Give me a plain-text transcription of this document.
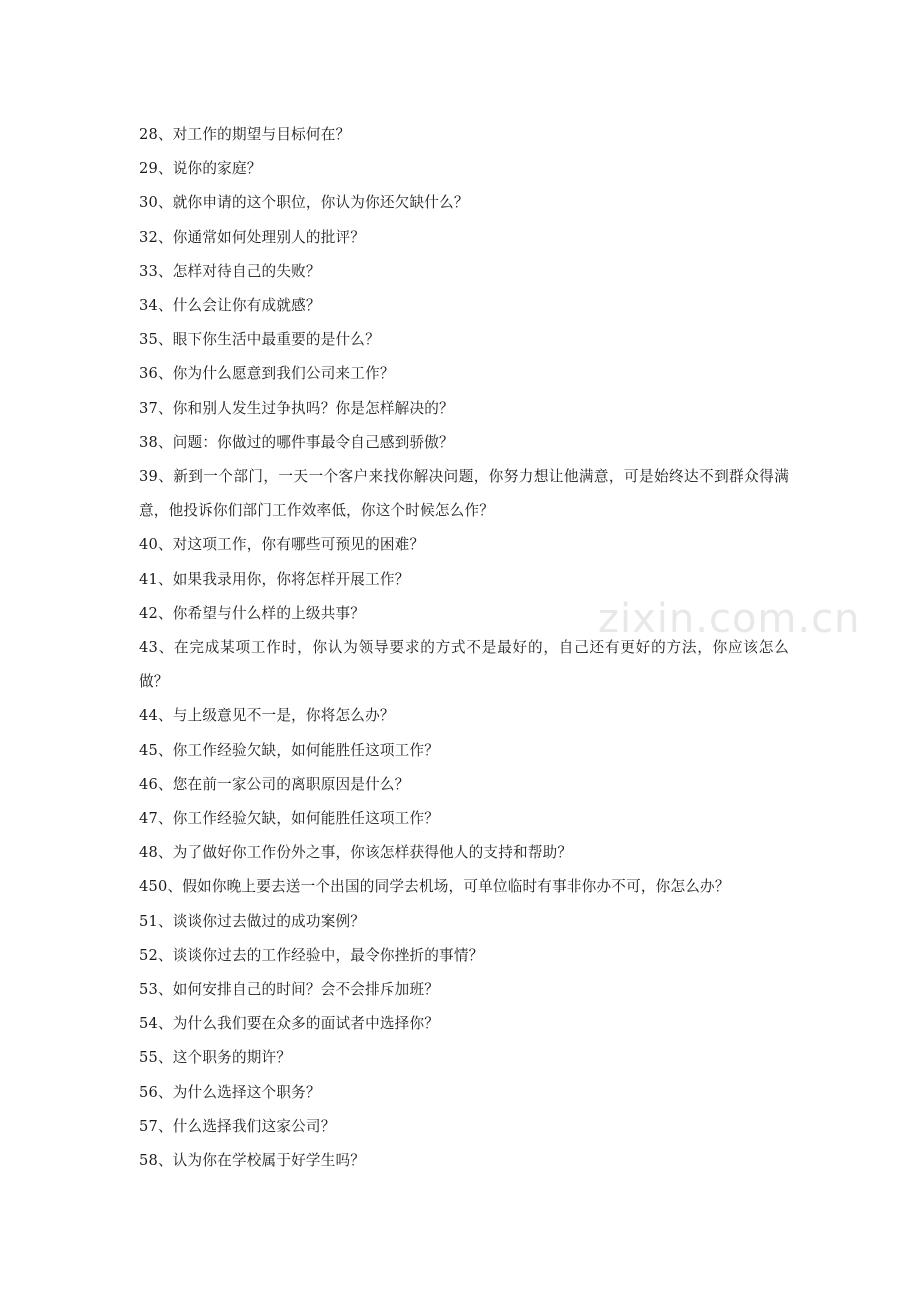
zixin.com.cn
28、对工作的期望与目标何在？
29、说你的家庭？
30、就你申请的这个职位，你认为你还欠缺什么？
32、你通常如何处理别人的批评？
33、怎样对待自己的失败？
34、什么会让你有成就感？
35、眼下你生活中最重要的是什么？
36、你为什么愿意到我们公司来工作？
37、你和别人发生过争执吗？你是怎样解决的？
38、问题：你做过的哪件事最令自己感到骄傲？
39、新到一个部门，一天一个客户来找你解决问题，你努力想让他满意，可是始终达不到群众得满意，他投诉你们部门工作效率低，你这个时候怎么作？
40、对这项工作，你有哪些可预见的困难？
41、如果我录用你，你将怎样开展工作？
42、你希望与什么样的上级共事？
43、在完成某项工作时，你认为领导要求的方式不是最好的，自己还有更好的方法，你应该怎么做？
44、与上级意见不一是，你将怎么办？
45、你工作经验欠缺，如何能胜任这项工作？
46、您在前一家公司的离职原因是什么？
47、你工作经验欠缺，如何能胜任这项工作？
48、为了做好你工作份外之事，你该怎样获得他人的支持和帮助？
450、假如你晚上要去送一个出国的同学去机场，可单位临时有事非你办不可，你怎么办？
51、谈谈你过去做过的成功案例？
52、谈谈你过去的工作经验中，最令你挫折的事情？
53、如何安排自己的时间？会不会排斥加班？
54、为什么我们要在众多的面试者中选择你？
55、这个职务的期许？
56、为什么选择这个职务？
57、什么选择我们这家公司？
58、认为你在学校属于好学生吗？
